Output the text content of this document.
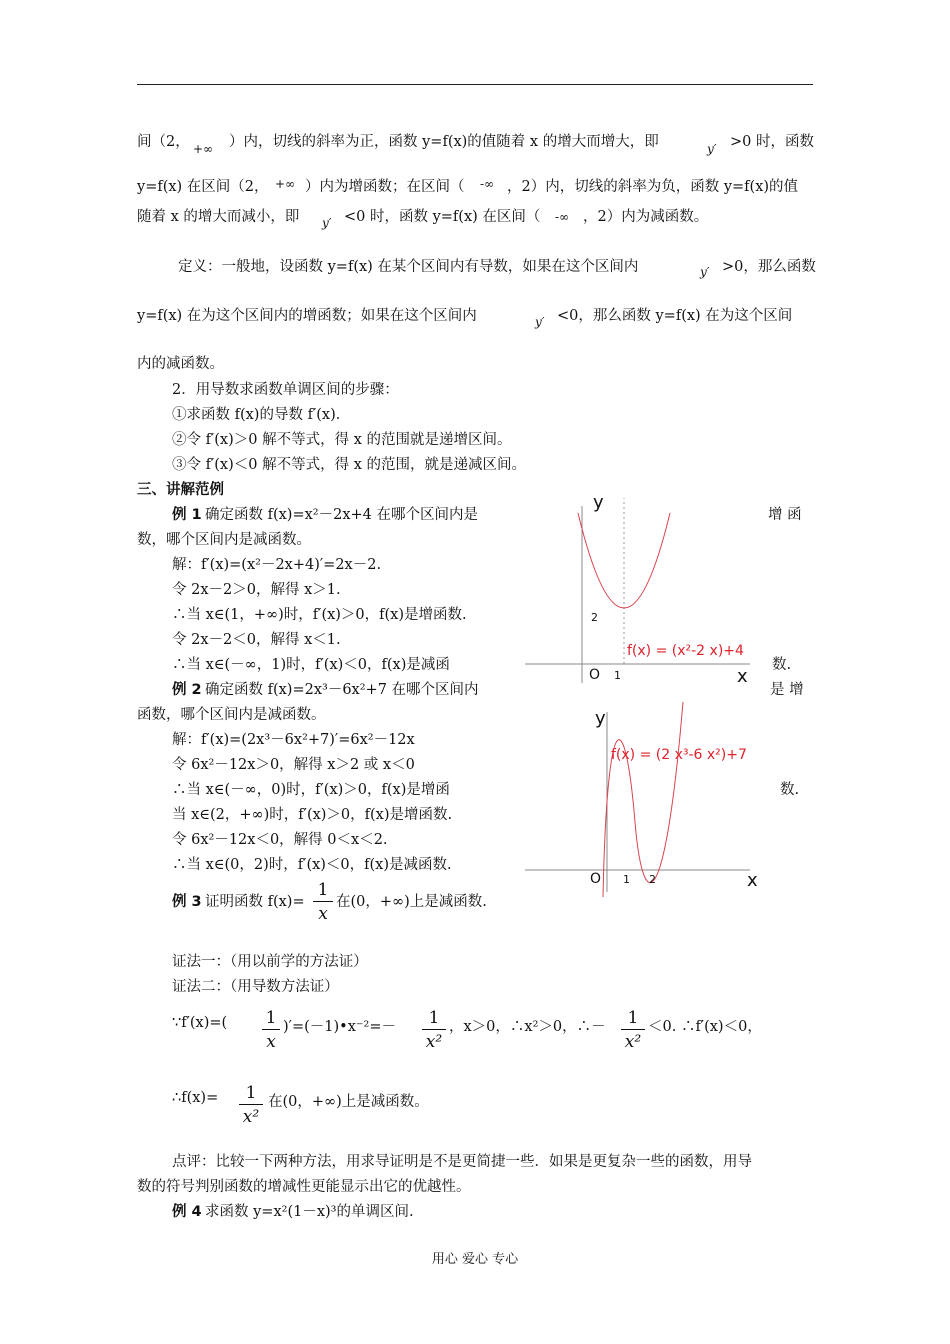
间（2， +∞ ）内，切线的斜率为正，函数 y=f(x)的值随着 x 的增大而增大，即	y′ >0 时，函数
y=f(x) 在区间（2， +∞ ）内为增函数；在区间（ -∞ ，2）内，切线的斜率为负，函数 y=f(x)的值
随着 x 的增大而减小，即 y′ <0 时，函数 y=f(x) 在区间（ -∞ ，2）内为减函数。
定义：一般地，设函数 y=f(x) 在某个区间内有导数，如果在这个区间内	y′ >0，那么函数
y=f(x) 在为这个区间内的增函数；如果在这个区间内	y′ <0，那么函数 y=f(x) 在为这个区间
内的减函数。
2．用导数求函数单调区间的步骤：
①求函数 f(x)的导数 f′(x)．
②令 f′(x)＞0 解不等式，得 x 的范围就是递增区间。
③令 f′(x)＜0 解不等式，得 x 的范围，就是递减区间。
三、讲解范例
例 1 确定函数 f(x)=x²－2x+4 在哪个区间内是	增 函
数，哪个区间内是减函数。
解：f′(x)=(x²－2x+4)′=2x－2.
令 2x－2＞0，解得 x＞1.
∴当 x∈(1，+∞)时，f′(x)＞0，f(x)是增函数.
令 2x－2＜0，解得 x＜1.
∴当 x∈(－∞，1)时，f′(x)＜0，f(x)是减函	数.
例 2 确定函数 f(x)=2x³－6x²+7 在哪个区间内	是 增
函数，哪个区间内是减函数。
解：f′(x)=(2x³－6x²+7)′=6x²－12x
令 6x²－12x＞0，解得 x＞2 或 x＜0
∴当 x∈(－∞，0)时，f′(x)＞0，f(x)是增函	数.
当 x∈(2，+∞)时，f′(x)＞0，f(x)是增函数.
令 6x²－12x＜0，解得 0＜x＜2.
∴当 x∈(0，2)时，f′(x)＜0，f(x)是减函数.
例 3 证明函数 f(x)=
1
x
在(0，+∞)上是减函数.
证法一：（用以前学的方法证）
证法二：（用导数方法证）
∵f′(x)=( 1
x
)′=(－1)•x⁻²=－	1
x²
，x＞0，∴x²＞0，∴－	1
x²
＜0. ∴f′(x)＜0，
∴f(x)=	1
x²
在(0，+∞)上是减函数。
点评：比较一下两种方法，用求导证明是不是更简捷一些．如果是更复杂一些的函数，用导
数的符号判别函数的增减性更能显示出它的优越性。
例 4 求函数 y=x²(1－x)³的单调区间.
y
x
O 1
2
f(x) = (x²-2 x)+4
y
x
O 1 2
f(x) = (2 x³-6 x²)+7
用心 爱心 专心
